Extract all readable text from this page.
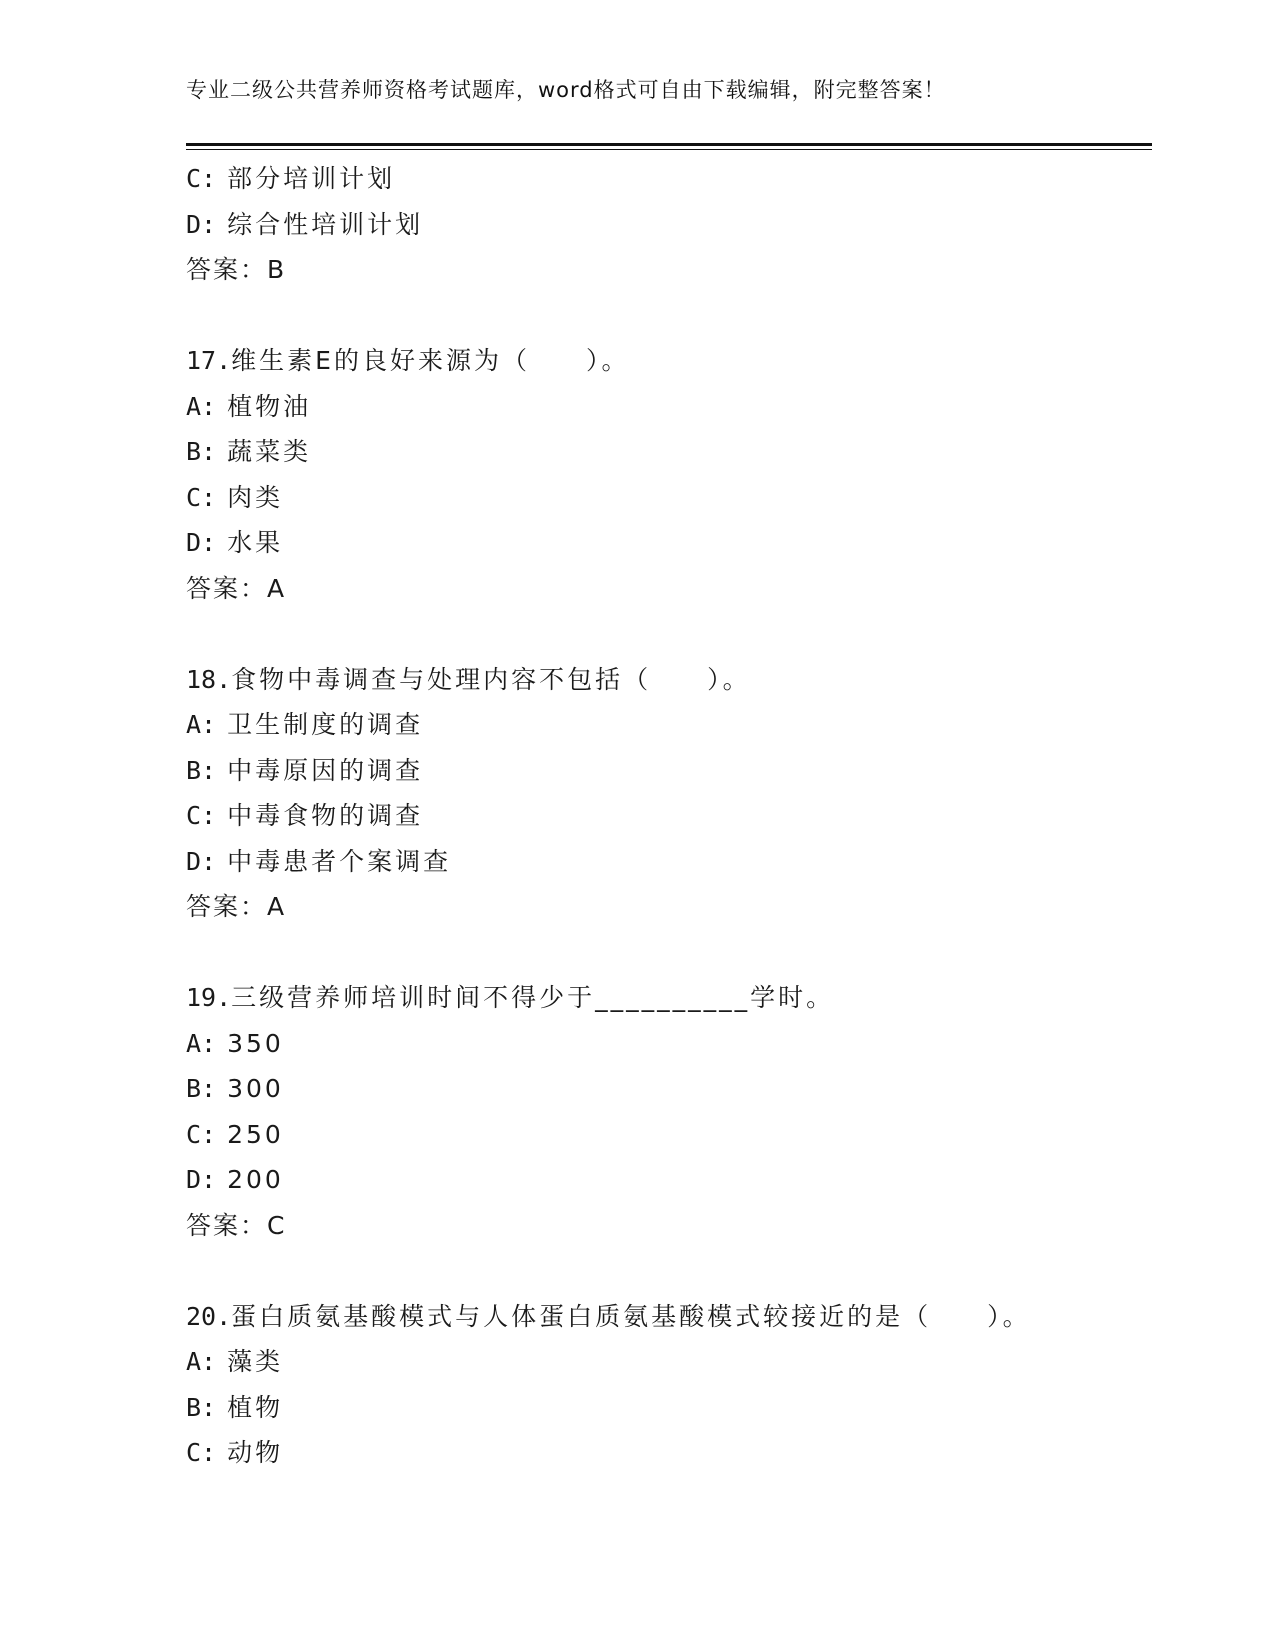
专业二级公共营养师资格考试题库，word格式可自由下载编辑，附完整答案！
C: 部分培训计划
D: 综合性培训计划
答案：B
17.维生素E的良好来源为（　　）。
A: 植物油
B: 蔬菜类
C: 肉类
D: 水果
答案：A
18.食物中毒调查与处理内容不包括（　　）。
A: 卫生制度的调查
B: 中毒原因的调查
C: 中毒食物的调查
D: 中毒患者个案调查
答案：A
19.三级营养师培训时间不得少于__________学时。
A: 350
B: 300
C: 250
D: 200
答案：C
20.蛋白质氨基酸模式与人体蛋白质氨基酸模式较接近的是（　　）。
A: 藻类
B: 植物
C: 动物
